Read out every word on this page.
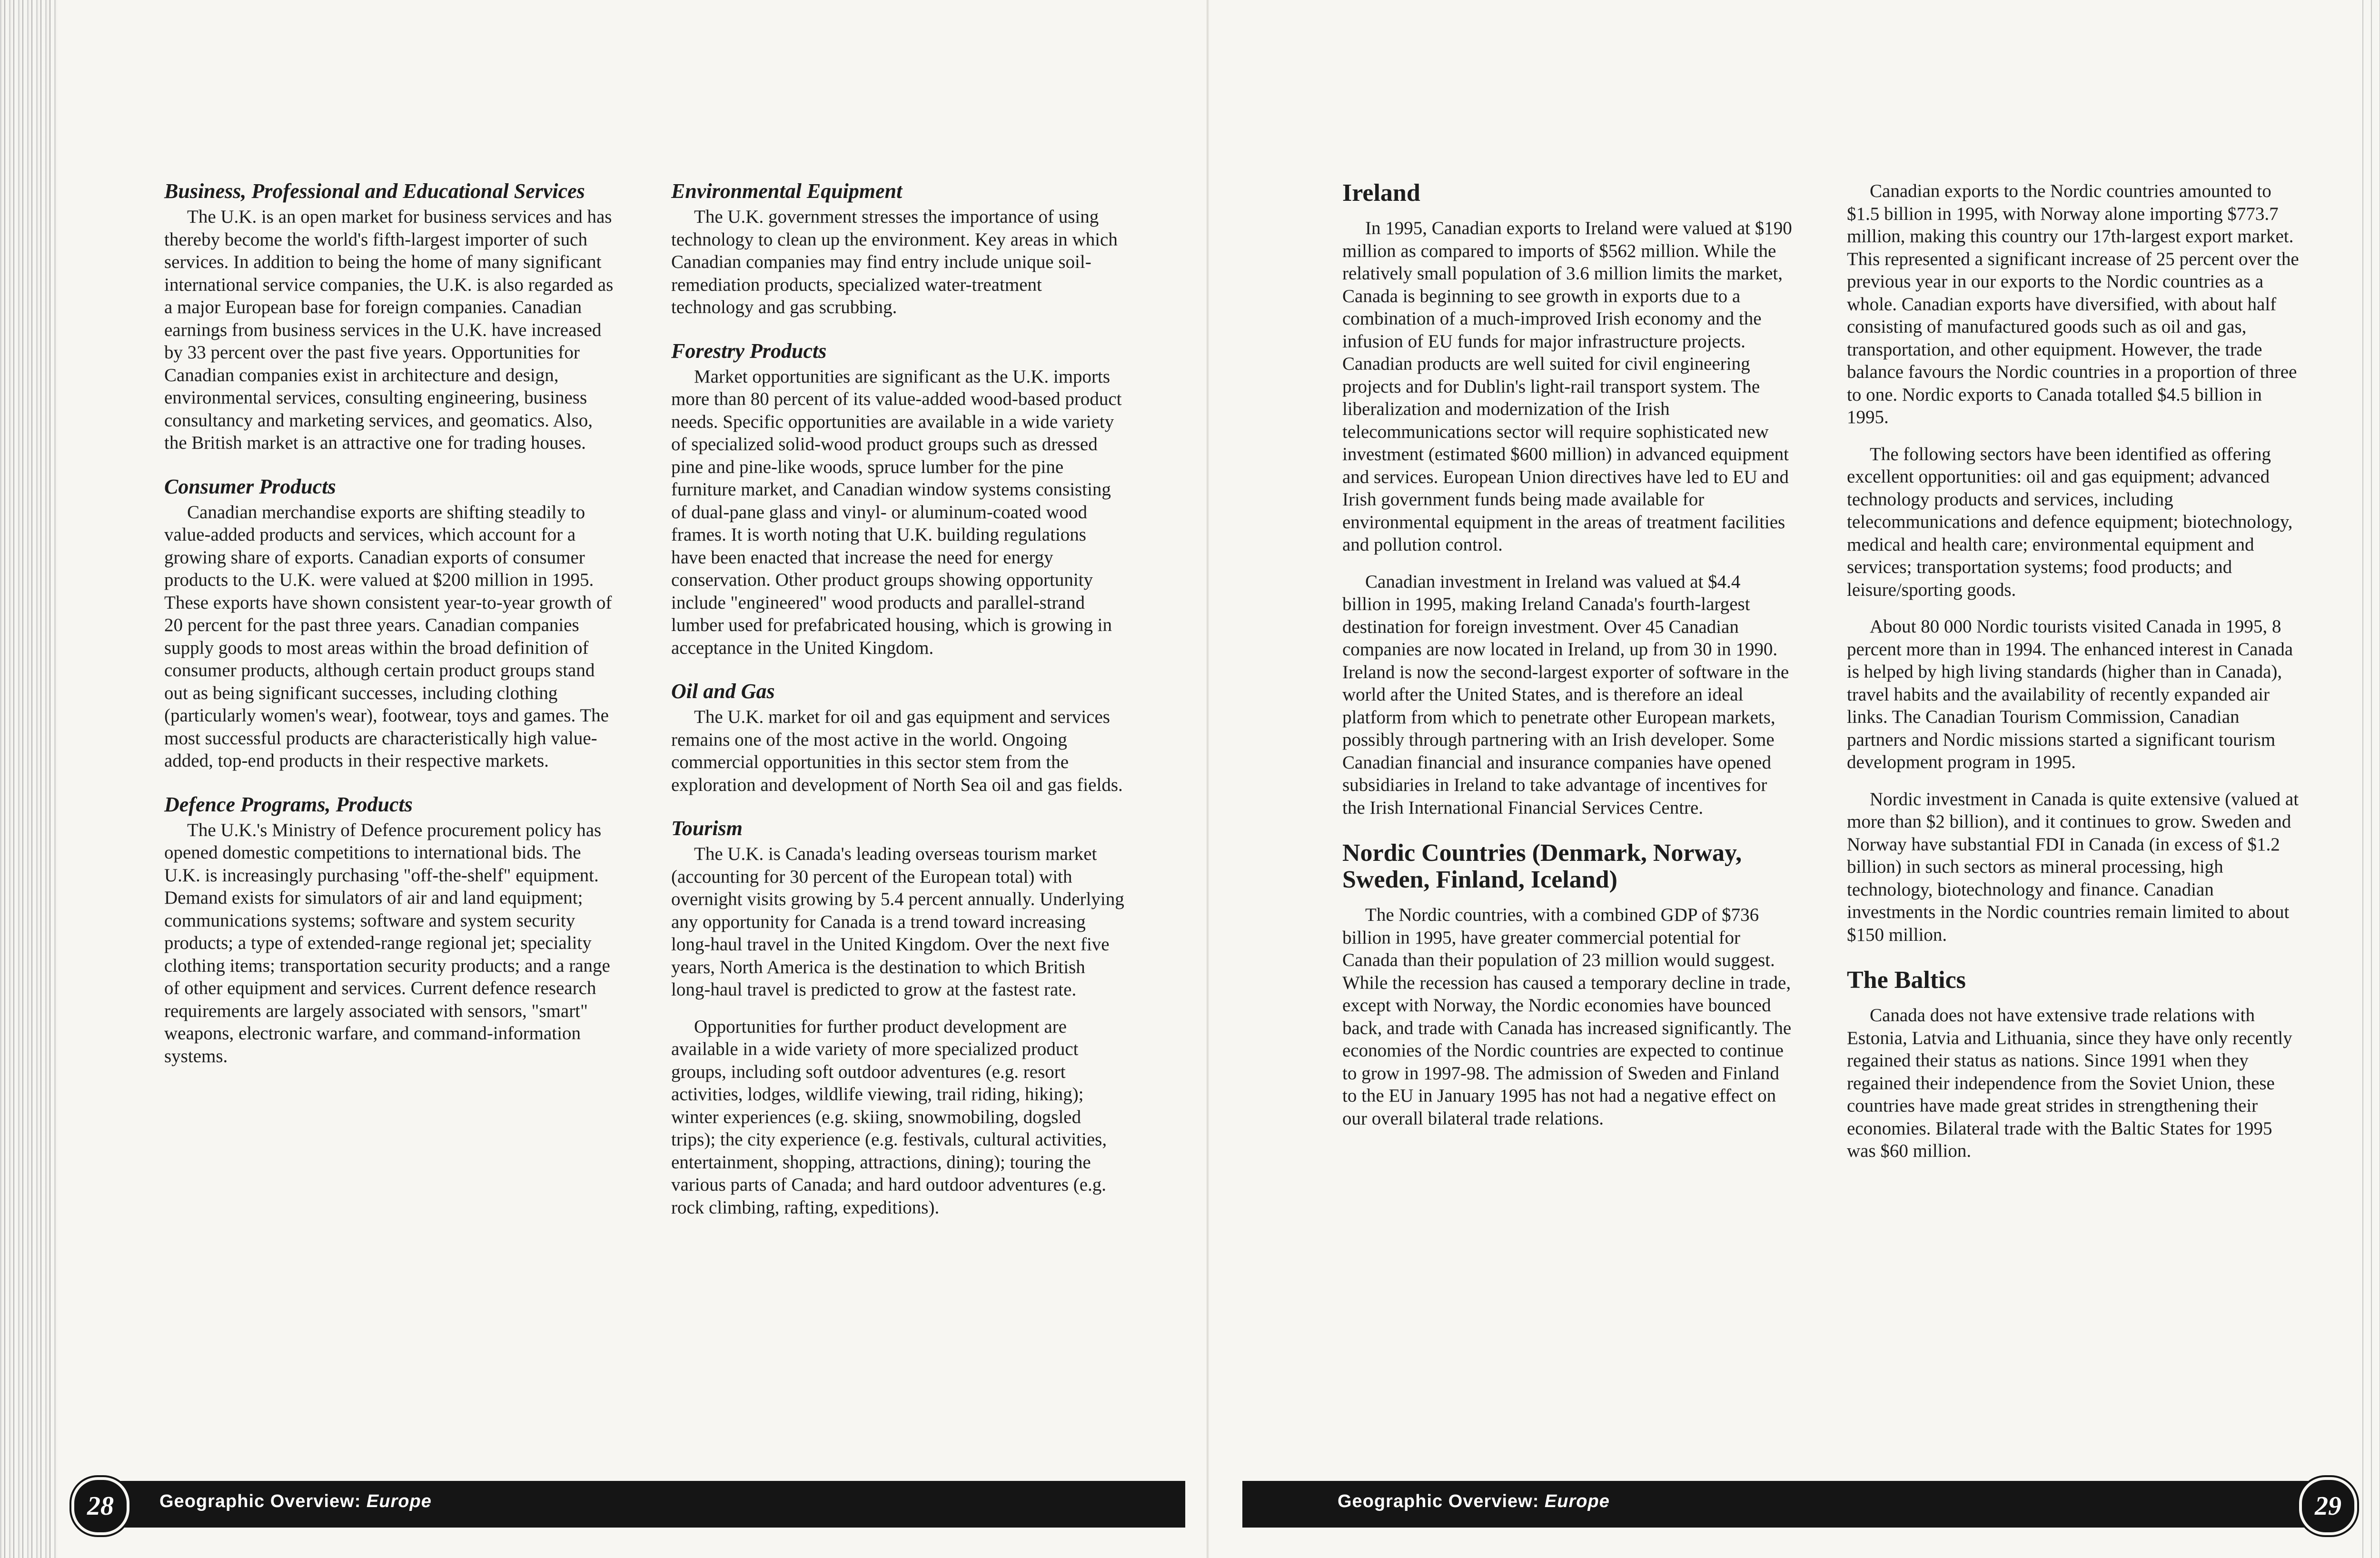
Business, Professional and Educational Services

The U.K. is an open market for business services and has thereby become the world's fifth-largest importer of such services. In addition to being the home of many significant international service companies, the U.K. is also regarded as a major European base for foreign companies. Canadian earnings from business services in the U.K. have increased by 33 percent over the past five years. Opportunities for Canadian companies exist in architecture and design, environmental services, consulting engineering, business consultancy and marketing services, and geomatics. Also, the British market is an attractive one for trading houses.

Consumer Products

Canadian merchandise exports are shifting steadily to value-added products and services, which account for a growing share of exports. Canadian exports of consumer products to the U.K. were valued at $200 million in 1995. These exports have shown consistent year-to-year growth of 20 percent for the past three years. Canadian companies supply goods to most areas within the broad definition of consumer products, although certain product groups stand out as being significant successes, including clothing (particularly women's wear), footwear, toys and games. The most successful products are characteristically high value-added, top-end products in their respective markets.

Defence Programs, Products

The U.K.'s Ministry of Defence procurement policy has opened domestic competitions to international bids. The U.K. is increasingly purchasing "off-the-shelf" equipment. Demand exists for simulators of air and land equipment; communications systems; software and system security products; a type of extended-range regional jet; speciality clothing items; transportation security products; and a range of other equipment and services. Current defence research requirements are largely associated with sensors, "smart" weapons, electronic warfare, and command-information systems.

Environmental Equipment

The U.K. government stresses the importance of using technology to clean up the environment. Key areas in which Canadian companies may find entry include unique soil-remediation products, specialized water-treatment technology and gas scrubbing.

Forestry Products

Market opportunities are significant as the U.K. imports more than 80 percent of its value-added wood-based product needs. Specific opportunities are available in a wide variety of specialized solid-wood product groups such as dressed pine and pine-like woods, spruce lumber for the pine furniture market, and Canadian window systems consisting of dual-pane glass and vinyl- or aluminum-coated wood frames. It is worth noting that U.K. building regulations have been enacted that increase the need for energy conservation. Other product groups showing opportunity include "engineered" wood products and parallel-strand lumber used for prefabricated housing, which is growing in acceptance in the United Kingdom.

Oil and Gas

The U.K. market for oil and gas equipment and services remains one of the most active in the world. Ongoing commercial opportunities in this sector stem from the exploration and development of North Sea oil and gas fields.

Tourism

The U.K. is Canada's leading overseas tourism market (accounting for 30 percent of the European total) with overnight visits growing by 5.4 percent annually. Underlying any opportunity for Canada is a trend toward increasing long-haul travel in the United Kingdom. Over the next five years, North America is the destination to which British long-haul travel is predicted to grow at the fastest rate.

Opportunities for further product development are available in a wide variety of more specialized product groups, including soft outdoor adventures (e.g. resort activities, lodges, wildlife viewing, trail riding, hiking); winter experiences (e.g. skiing, snowmobiling, dogsled trips); the city experience (e.g. festivals, cultural activities, entertainment, shopping, attractions, dining); touring the various parts of Canada; and hard outdoor adventures (e.g. rock climbing, rafting, expeditions).

Geographic Overview: Europe
28
Ireland

In 1995, Canadian exports to Ireland were valued at $190 million as compared to imports of $562 million. While the relatively small population of 3.6 million limits the market, Canada is beginning to see growth in exports due to a combination of a much-improved Irish economy and the infusion of EU funds for major infrastructure projects. Canadian products are well suited for civil engineering projects and for Dublin's light-rail transport system. The liberalization and modernization of the Irish telecommunications sector will require sophisticated new investment (estimated $600 million) in advanced equipment and services. European Union directives have led to EU and Irish government funds being made available for environmental equipment in the areas of treatment facilities and pollution control.

Canadian investment in Ireland was valued at $4.4 billion in 1995, making Ireland Canada's fourth-largest destination for foreign investment. Over 45 Canadian companies are now located in Ireland, up from 30 in 1990. Ireland is now the second-largest exporter of software in the world after the United States, and is therefore an ideal platform from which to penetrate other European markets, possibly through partnering with an Irish developer. Some Canadian financial and insurance companies have opened subsidiaries in Ireland to take advantage of incentives for the Irish International Financial Services Centre.

Nordic Countries (Denmark, Norway, Sweden, Finland, Iceland)

The Nordic countries, with a combined GDP of $736 billion in 1995, have greater commercial potential for Canada than their population of 23 million would suggest. While the recession has caused a temporary decline in trade, except with Norway, the Nordic economies have bounced back, and trade with Canada has increased significantly. The economies of the Nordic countries are expected to continue to grow in 1997-98. The admission of Sweden and Finland to the EU in January 1995 has not had a negative effect on our overall bilateral trade relations.

Canadian exports to the Nordic countries amounted to $1.5 billion in 1995, with Norway alone importing $773.7 million, making this country our 17th-largest export market. This represented a significant increase of 25 percent over the previous year in our exports to the Nordic countries as a whole. Canadian exports have diversified, with about half consisting of manufactured goods such as oil and gas, transportation, and other equipment. However, the trade balance favours the Nordic countries in a proportion of three to one. Nordic exports to Canada totalled $4.5 billion in 1995.

The following sectors have been identified as offering excellent opportunities: oil and gas equipment; advanced technology products and services, including telecommunications and defence equipment; biotechnology, medical and health care; environmental equipment and services; transportation systems; food products; and leisure/sporting goods.

About 80 000 Nordic tourists visited Canada in 1995, 8 percent more than in 1994. The enhanced interest in Canada is helped by high living standards (higher than in Canada), travel habits and the availability of recently expanded air links. The Canadian Tourism Commission, Canadian partners and Nordic missions started a significant tourism development program in 1995.

Nordic investment in Canada is quite extensive (valued at more than $2 billion), and it continues to grow. Sweden and Norway have substantial FDI in Canada (in excess of $1.2 billion) in such sectors as mineral processing, high technology, biotechnology and finance. Canadian investments in the Nordic countries remain limited to about $150 million.

The Baltics

Canada does not have extensive trade relations with Estonia, Latvia and Lithuania, since they have only recently regained their status as nations. Since 1991 when they regained their independence from the Soviet Union, these countries have made great strides in strengthening their economies. Bilateral trade with the Baltic States for 1995 was $60 million.

Geographic Overview: Europe	29
